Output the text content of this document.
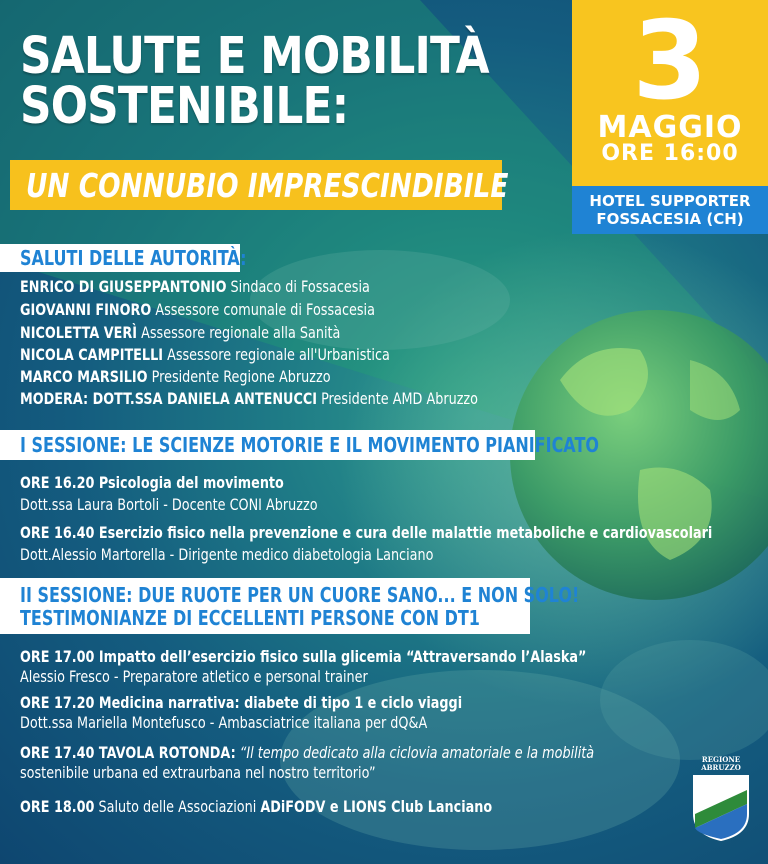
SALUTE E MOBILITÀ
SOSTENIBILE:
UN CONNUBIO IMPRESCINDIBILE
3
MAGGIO
ORE 16:00
HOTEL SUPPORTER
FOSSACESIA (CH)
SALUTI DELLE AUTORITÀ:
ENRICO DI GIUSEPPANTONIO Sindaco di Fossacesia
GIOVANNI FINORO Assessore comunale di Fossacesia
NICOLETTA VERÌ Assessore regionale alla Sanità
NICOLA CAMPITELLI Assessore regionale all'Urbanistica
MARCO MARSILIO Presidente Regione Abruzzo
MODERA: DOTT.SSA DANIELA ANTENUCCI Presidente AMD Abruzzo
I SESSIONE: LE SCIENZE MOTORIE E IL MOVIMENTO PIANIFICATO
ORE 16.20 Psicologia del movimento
Dott.ssa Laura Bortoli - Docente CONI Abruzzo
ORE 16.40 Esercizio fisico nella prevenzione e cura delle malattie metaboliche e cardiovascolari
Dott.Alessio Martorella - Dirigente medico diabetologia Lanciano
II SESSIONE: DUE RUOTE PER UN CUORE SANO... E NON SOLO!
TESTIMONIANZE DI ECCELLENTI PERSONE CON DT1
ORE 17.00 Impatto dell’esercizio fisico sulla glicemia “Attraversando l’Alaska”
Alessio Fresco - Preparatore atletico e personal trainer
ORE 17.20 Medicina narrativa: diabete di tipo 1 e ciclo viaggi
Dott.ssa Mariella Montefusco - Ambasciatrice italiana per dQ&A
ORE 17.40 TAVOLA ROTONDA: “Il tempo dedicato alla ciclovia amatoriale e la mobilità
sostenibile urbana ed extraurbana nel nostro territorio”
ORE 18.00 Saluto delle Associazioni ADiFODV e LIONS Club Lanciano
REGIONE
ABRUZZO
